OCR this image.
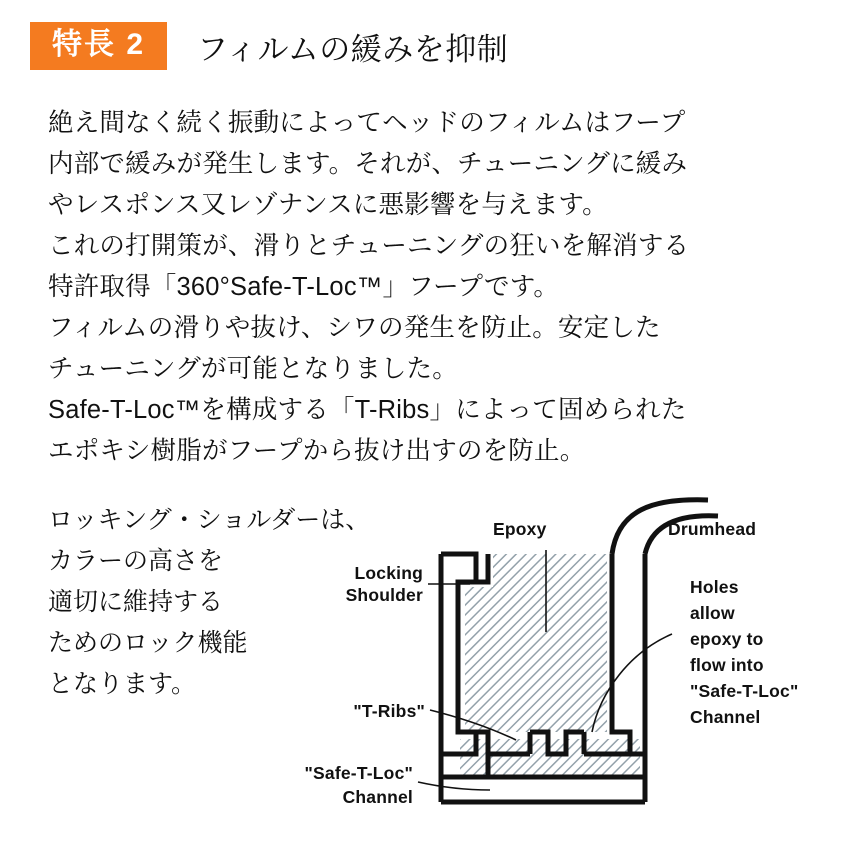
特長 2	フィルムの緩みを抑制

絶え間なく続く振動によってヘッドのフィルムはフープ

内部で緩みが発生します。それが、チューニングに緩み

やレスポンス又レゾナンスに悪影響を与えます。

これの打開策が、滑りとチューニングの狂いを解消する

特許取得「360°Safe-T-Loc™」フープです。

フィルムの滑りや抜け、シワの発生を防止。安定した

チューニングが可能となりました。

Safe-T-Loc™を構成する「T-Ribs」によって固められた

エポキシ樹脂がフープから抜け出すのを防止。

ロッキング・ショルダーは、

カラーの高さを

適切に維持する

ためのロック機能

となります。

Epoxy	Drumhead
Locking
Shoulder	Holes
allow
epoxy to
flow into
"Safe-T-Loc"
Channel
"T-Ribs"
"Safe-T-Loc"
Channel
